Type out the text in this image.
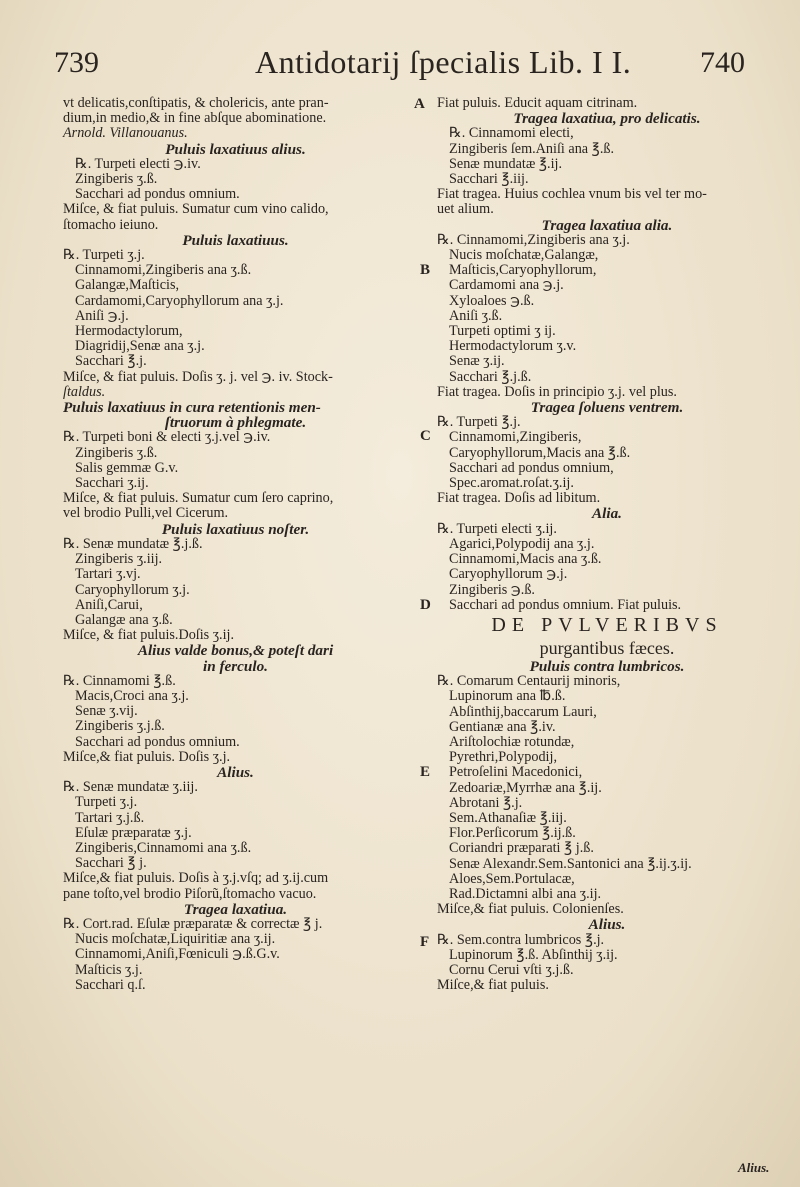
739	Antidotarij ſpecialis Lib. I I. 740
A
B
C
D
E
F
vt delicatis,conſtipatis, & cholericis, ante pran-
dium,in medio,& in fine abſque abominatione.
Arnold. Villanouanus.
Puluis laxatiuus alius.
℞. Turpeti electi ℈.iv.
Zingiberis ʒ.ß.
Sacchari ad pondus omnium.
Miſce, & fiat puluis. Sumatur cum vino calido,
ſtomacho ieiuno.
Puluis laxatiuus.
℞. Turpeti ʒ.j.
Cinnamomi,Zingiberis ana ʒ.ß.
Galangæ,Maſticis,
Cardamomi,Caryophyllorum ana ʒ.j.
Aniſi ℈.j.
Hermodactylorum,
Diagridij,Senæ ana ʒ.j.
Sacchari ℥.j.
Miſce, & fiat puluis. Doſis ʒ. j. vel ℈. iv. Stock-
ſtaldus.
Puluis laxatiuus in cura retentionis men-
ſtruorum à phlegmate.
℞. Turpeti boni & electi ʒ.j.vel ℈.iv.
Zingiberis ʒ.ß.
Salis gemmæ G.v.
Sacchari ʒ.ij.
Miſce, & fiat puluis. Sumatur cum ſero caprino,
vel brodio Pulli,vel Cicerum.
Puluis laxatiuus noſter.
℞. Senæ mundatæ ℥.j.ß.
Zingiberis ʒ.iij.
Tartari ʒ.vj.
Caryophyllorum ʒ.j.
Aniſi,Carui,
Galangæ ana ʒ.ß.
Miſce, & fiat puluis.Doſis ʒ.ij.
Alius valde bonus,& poteſt dari
in ferculo.
℞. Cinnamomi ℥.ß.
Macis,Croci ana ʒ.j.
Senæ ʒ.vij.
Zingiberis ʒ.j.ß.
Sacchari ad pondus omnium.
Miſce,& fiat puluis. Doſis ʒ.j.
Alius.
℞. Senæ mundatæ ʒ.iij.
Turpeti ʒ.j.
Tartari ʒ.j.ß.
Eſulæ præparatæ ʒ.j.
Zingiberis,Cinnamomi ana ʒ.ß.
Sacchari ℥ j.
Miſce,& fiat puluis. Doſis à ʒ.j.vſq; ad ʒ.ij.cum
pane toſto,vel brodio Piſorũ,ſtomacho vacuo.
Tragea laxatiua.
℞. Cort.rad. Eſulæ præparatæ & correctæ ℥ j.
Nucis moſchatæ,Liquiritiæ ana ʒ.ij.
Cinnamomi,Aniſi,Fœniculi ℈.ß.G.v.
Maſticis ʒ.j.
Sacchari q.ſ.
Fiat puluis. Educit aquam citrinam.
Tragea laxatiua, pro delicatis.
℞. Cinnamomi electi,
Zingiberis ſem.Aniſi ana ℥.ß.
Senæ mundatæ ℥.ij.
Sacchari ℥.iij.
Fiat tragea. Huius cochlea vnum bis vel ter mo-
uet alium.
Tragea laxatiua alia.
℞. Cinnamomi,Zingiberis ana ʒ.j.
Nucis moſchatæ,Galangæ,
Maſticis,Caryophyllorum,
Cardamomi ana ℈.j.
Xyloaloes ℈.ß.
Aniſi ʒ.ß.
Turpeti optimi ʒ ij.
Hermodactylorum ʒ.v.
Senæ ʒ.ij.
Sacchari ℥.j.ß.
Fiat tragea. Doſis in principio ʒ.j. vel plus.
Tragea ſoluens ventrem.
℞. Turpeti ℥.j.
Cinnamomi,Zingiberis,
Caryophyllorum,Macis ana ℥.ß.
Sacchari ad pondus omnium,
Spec.aromat.roſat.ʒ.ij.
Fiat tragea. Doſis ad libitum.
Alia.
℞. Turpeti electi ʒ.ij.
Agarici,Polypodij ana ʒ.j.
Cinnamomi,Macis ana ʒ.ß.
Caryophyllorum ℈.j.
Zingiberis ℈.ß.
Sacchari ad pondus omnium. Fiat puluis.
DE PVLVERIBVS
purgantibus fæces.
Puluis contra lumbricos.
℞. Comarum Centaurij minoris,
Lupinorum ana ℔.ß.
Abſinthij,baccarum Lauri,
Gentianæ ana ℥.iv.
Ariſtolochiæ rotundæ,
Pyrethri,Polypodij,
Petroſelini Macedonici,
Zedoariæ,Myrrhæ ana ℥.ij.
Abrotani ℥.j.
Sem.Athanaſiæ ℥.iij.
Flor.Perſicorum ℥.ij.ß.
Coriandri præparati ℥ j.ß.
Senæ Alexandr.Sem.Santonici ana ℥.ij.ʒ.ij.
Aloes,Sem.Portulacæ,
Rad.Dictamni albi ana ʒ.ij.
Miſce,& fiat puluis. Colonienſes.
Alius.
℞. Sem.contra lumbricos ℥.j.
Lupinorum ℥.ß. Abſinthij ʒ.ij.
Cornu Cerui vſti ʒ.j.ß.
Miſce,& fiat puluis.
Alius.
